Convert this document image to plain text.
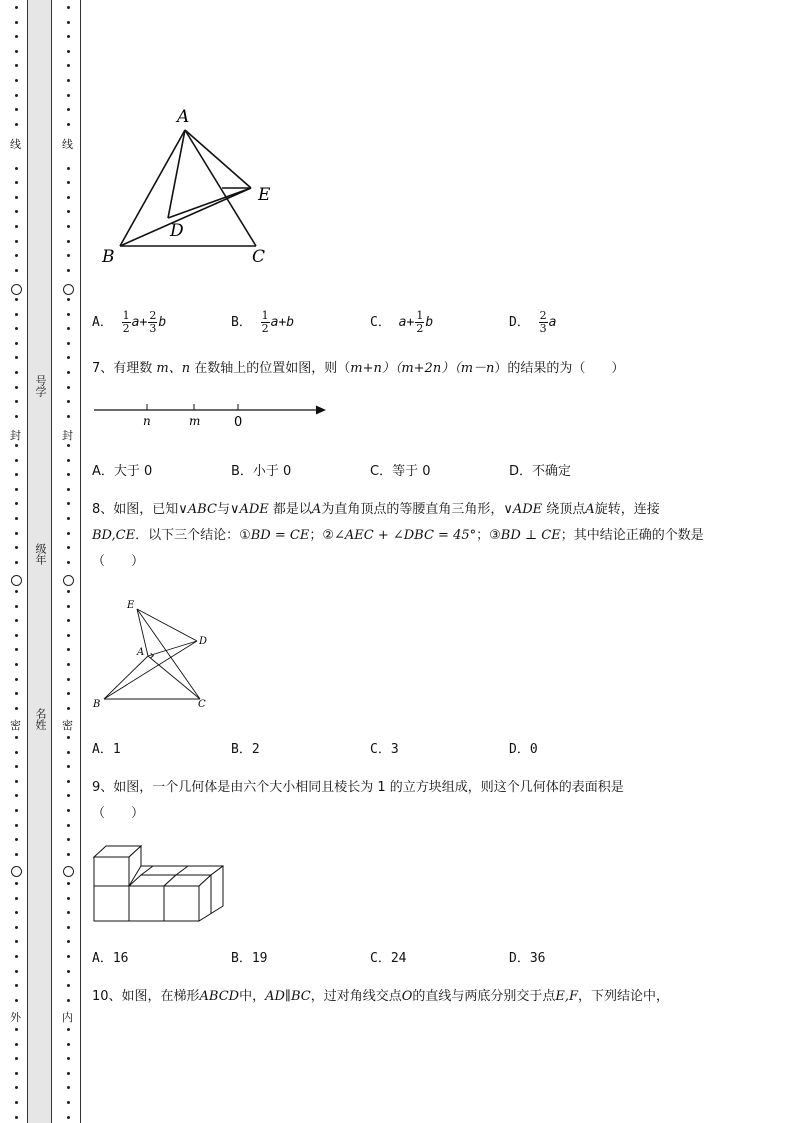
线
封
密
外
号学
级年
名姓
线
封
密
内
A
B	C
D
E
A． $\frac{1}{2} a+ \frac{2}{3}$ b	B． $\frac{1}{2} a+b$	C． $a+ \frac{1}{2}$ b	D． $\frac{2}{3}$ a
7、有理数 m、n 在数轴上的位置如图，则（m+n）（m+2n）（m－n）的结果的为（　　）
n	m	0
A．大于 0	B．小于 0	C．等于 0	D．不确定
8、如图，已知∨ABC与∨ADE 都是以A为直角顶点的等腰直角三角形，∨ADE 绕顶点A旋转，连接
BD,CE．以下三个结论：①BD = CE；②∠AEC + ∠DBC = 45°；③BD ⊥ CE；其中结论正确的个数是
（　　）
E
D
A
B	C
A．1	B．2	C．3	D．0
9、如图，一个几何体是由六个大小相同且棱长为 1 的立方块组成，则这个几何体的表面积是
（　　）
A．16	B．19	C．24	D．36
10、如图，在梯形ABCD中，AD∥BC，过对角线交点O的直线与两底分别交于点E,F，下列结论中，
